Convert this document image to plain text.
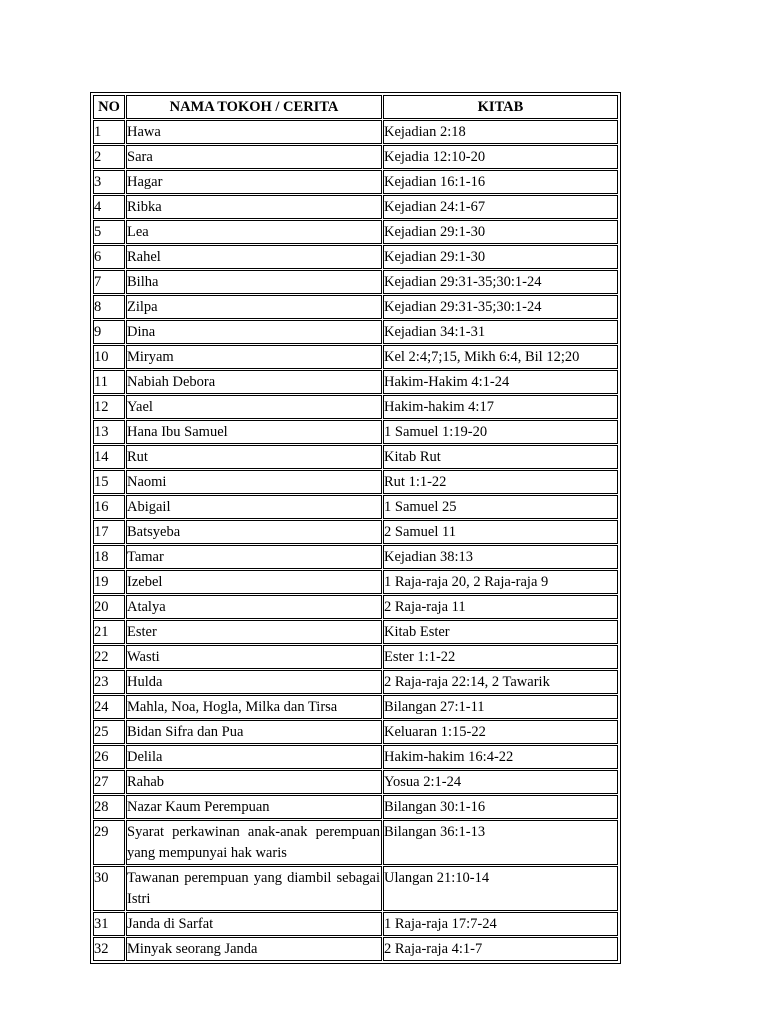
NO	NAMA TOKOH / CERITA	KITAB
1	Hawa	Kejadian 2:18
2	Sara	Kejadia 12:10-20
3	Hagar	Kejadian 16:1-16
4	Ribka	Kejadian 24:1-67
5	Lea	Kejadian 29:1-30
6	Rahel	Kejadian 29:1-30
7	Bilha	Kejadian 29:31-35;30:1-24
8	Zilpa	Kejadian 29:31-35;30:1-24
9	Dina	Kejadian 34:1-31
10	Miryam	Kel 2:4;7;15, Mikh 6:4, Bil 12;20
11	Nabiah Debora	Hakim-Hakim 4:1-24
12	Yael	Hakim-hakim 4:17
13	Hana Ibu Samuel	1 Samuel 1:19-20
14	Rut	Kitab Rut
15	Naomi	Rut 1:1-22
16	Abigail	1 Samuel 25
17	Batsyeba	2 Samuel 11
18	Tamar	Kejadian 38:13
19	Izebel	1 Raja-raja 20, 2 Raja-raja 9
20	Atalya	2 Raja-raja 11
21	Ester	Kitab Ester
22	Wasti	Ester 1:1-22
23	Hulda	2 Raja-raja 22:14, 2 Tawarik
24	Mahla, Noa, Hogla, Milka dan Tirsa	Bilangan 27:1-11
25	Bidan Sifra dan Pua	Keluaran 1:15-22
26	Delila	Hakim-hakim 16:4-22
27	Rahab	Yosua 2:1-24
28	Nazar Kaum Perempuan	Bilangan 30:1-16
29	Syarat perkawinan anak-anak perempuan yang mempunyai hak waris	Bilangan 36:1-13
30	Tawanan perempuan yang diambil sebagai Istri	Ulangan 21:10-14
31	Janda di Sarfat	1 Raja-raja 17:7-24
32	Minyak seorang Janda	2 Raja-raja 4:1-7
